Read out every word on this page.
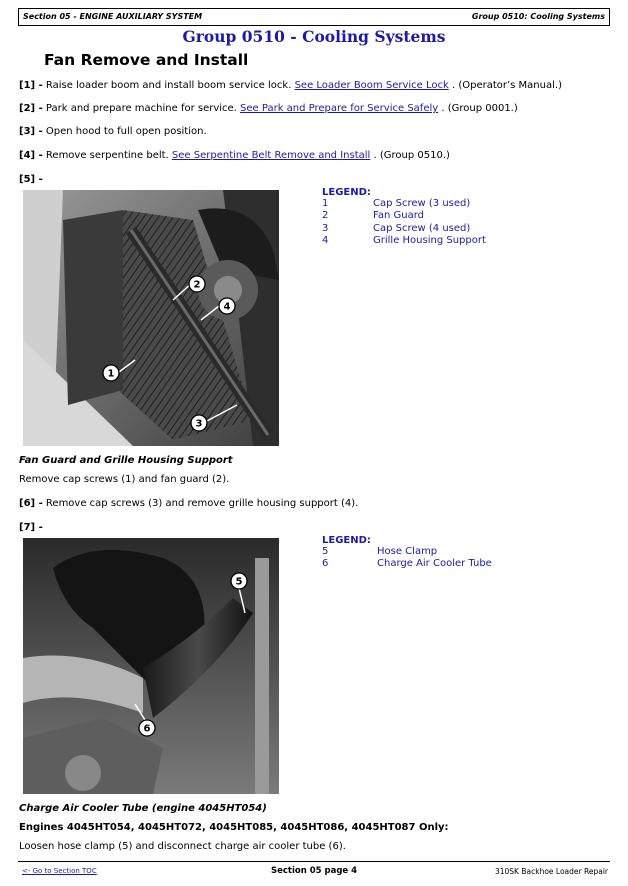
Section 05 - ENGINE AUXILIARY SYSTEM	Group 0510: Cooling Systems
Group 0510 - Cooling Systems
Fan Remove and Install
[1] - Raise loader boom and install boom service lock. See Loader Boom Service Lock . (Operator’s Manual.)
[2] - Park and prepare machine for service. See Park and Prepare for Service Safely . (Group 0001.)
[3] - Open hood to full open position.
[4] - Remove serpentine belt. See Serpentine Belt Remove and Install . (Group 0510.)
[5] -
2
4
1
3
LEGEND:
1	Cap Screw (3 used)
2	Fan Guard
3	Cap Screw (4 used)
4	Grille Housing Support
Fan Guard and Grille Housing Support
Remove cap screws (1) and fan guard (2).
[6] - Remove cap screws (3) and remove grille housing support (4).
[7] -
5
6
LEGEND:
5	Hose Clamp
6	Charge Air Cooler Tube
Charge Air Cooler Tube (engine 4045HT054)
Engines 4045HT054, 4045HT072, 4045HT085, 4045HT086, 4045HT087 Only:
Loosen hose clamp (5) and disconnect charge air cooler tube (6).
<- Go to Section TOC	Section 05 page 4	310SK Backhoe Loader Repair
